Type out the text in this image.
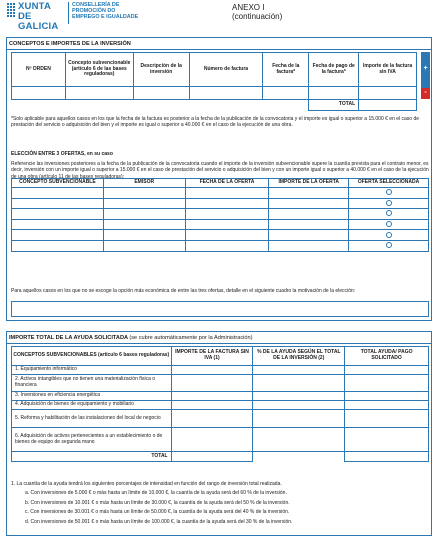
XUNTA
DE GALICIA
CONSELLERÍA DE
PROMOCIÓN DO
EMPREGO E IGUALDADE
ANEXO I
(continuación)
CONCEPTOS E IMPORTES DE LA INVERSIÓN
Nº ORDEN	Concepto subvencionable (artículo 6 de las bases reguladoras)	Descripción de la inversión	Número de factura	Fecha de la factura*	Fecha de pago de la factura*	Importe de la factura sin IVA

					TOTAL	
+
-
*Solo aplicable para aquellos casos en los que la fecha de la factura es posterior a la fecha de la publicación de la convocatoria y el importe es igual o superior a 15.000 € en el caso de prestación del servicio o adquisición del bien y el importe es igual o superior a 40.000 € en el caso de la ejecución de una obra.
ELECCIÓN ENTRE 3 OFERTAS, en su caso
Referencie las inversiones posteriores a la fecha de la publicación de la convocatoria cuando el importe de la inversión subvencionable supere la cuantía prevista para el contrato menor, es decir, inversión con un importe igual o superior a 15.000 € en el caso de prestación del servicio o adquisición del bien y con un importe igual o superior a 40.000 € en el caso de la ejecución de una obra (artículo 11 de las bases reguladoras):
CONCEPTO SUBVENCIONABLE	EMISOR	FECHA DE LA OFERTA	IMPORTE DE LA OFERTA	OFERTA SELECCIONADA

Para aquellos casos en los que no se escoge la opción más económica de entre las tres ofertas, detalle en el siguiente cuadro la motivación de la elección:
IMPORTE TOTAL DE LA AYUDA SOLICITADA (se cubre automáticamente por la Administración)
CONCEPTOS SUBVENCIONABLES (artículo 6 bases reguladoras)	IMPORTE DE LA FACTURA SIN IVA (1)	% DE LA AYUDA SEGÚN EL TOTAL DE LA INVERSIÓN (2)	TOTAL AYUDA/ PAGO SOLICITADO
1. Equipamiento informático			
2. Activos intangibles que no tienen una materialización física o financiera			
3. Inversiones en eficiencia energética			
4. Adquisición de bienes de equipamiento y mobiliario			
5. Reforma y habilitación de las instalaciones del local de negocio			
6. Adquisición de activos pertenecientes a un establecimiento o de bienes de equipo de segunda mano			
TOTAL			
1. La cuantía de la ayuda tendrá los siguientes porcentajes de intensidad en función del rango de inversión total realizada.
a. Con inversiones de 5.000 € o más hasta un límite de 10.000 €, la cuantía de la ayuda será del 60 % de la inversión.
b. Con inversiones de 10.001 € o más hasta un límite de 30.000 €, la cuantía de la ayuda será del 50 % de la inversión.
c. Con inversiones de 30.001 € o más hasta un límite de 50.000 €, la cuantía de la ayuda será del 40 % de la inversión.
d. Con inversiones de 50.001 € o más hasta un límite de 100.000 €, la cuantía de la ayuda será del 30 % de la inversión.
